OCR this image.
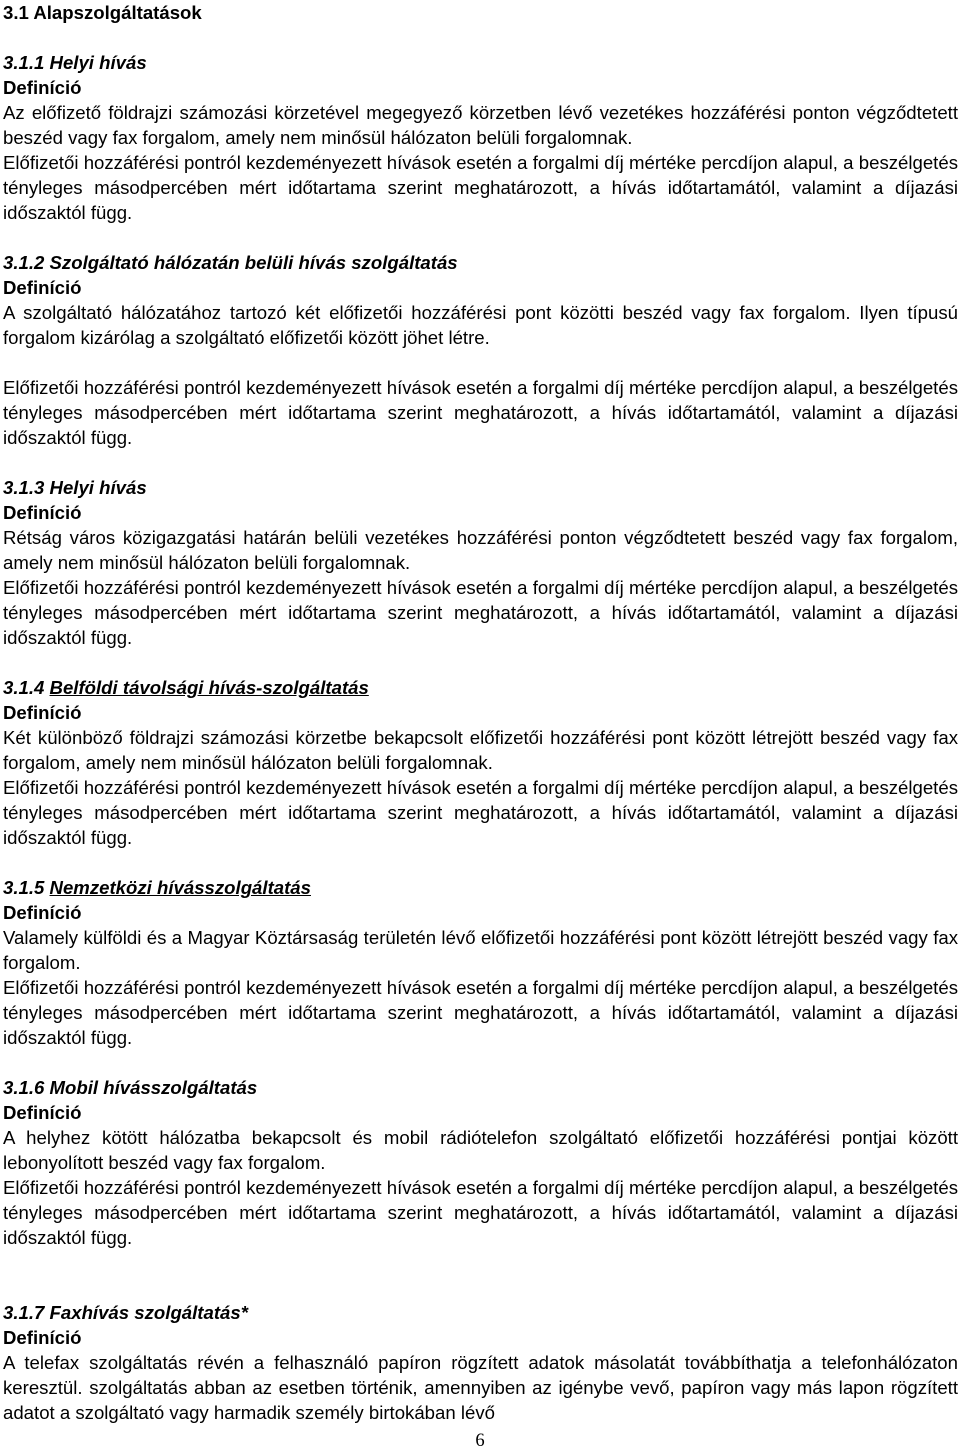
3.1 Alapszolgáltatások
3.1.1 Helyi hívás
Definíció

Az előfizető földrajzi számozási körzetével megegyező körzetben lévő vezetékes hozzáférési ponton végződtetett beszéd vagy fax forgalom, amely nem minősül hálózaton belüli forgalomnak.

Előfizetői hozzáférési pontról kezdeményezett hívások esetén a forgalmi díj mértéke percdíjon alapul, a beszélgetés tényleges másodpercében mért időtartama szerint meghatározott, a hívás időtartamától, valamint a díjazási időszaktól függ.

3.1.2 Szolgáltató hálózatán belüli hívás szolgáltatás
Definíció

A szolgáltató hálózatához tartozó két előfizetői hozzáférési pont közötti beszéd vagy fax forgalom. Ilyen típusú forgalom kizárólag a szolgáltató előfizetői között jöhet létre.

Előfizetői hozzáférési pontról kezdeményezett hívások esetén a forgalmi díj mértéke percdíjon alapul, a beszélgetés tényleges másodpercében mért időtartama szerint meghatározott, a hívás időtartamától, valamint a díjazási időszaktól függ.

3.1.3 Helyi hívás
Definíció

Rétság város közigazgatási határán belüli vezetékes hozzáférési ponton végződtetett beszéd vagy fax forgalom, amely nem minősül hálózaton belüli forgalomnak.

Előfizetői hozzáférési pontról kezdeményezett hívások esetén a forgalmi díj mértéke percdíjon alapul, a beszélgetés tényleges másodpercében mért időtartama szerint meghatározott, a hívás időtartamától, valamint a díjazási időszaktól függ.

3.1.4 Belföldi távolsági hívás-szolgáltatás
Definíció

Két különböző földrajzi számozási körzetbe bekapcsolt előfizetői hozzáférési pont között létrejött beszéd vagy fax forgalom, amely nem minősül hálózaton belüli forgalomnak.

Előfizetői hozzáférési pontról kezdeményezett hívások esetén a forgalmi díj mértéke percdíjon alapul, a beszélgetés tényleges másodpercében mért időtartama szerint meghatározott, a hívás időtartamától, valamint a díjazási időszaktól függ.

3.1.5 Nemzetközi hívásszolgáltatás
Definíció

Valamely külföldi és a Magyar Köztársaság területén lévő előfizetői hozzáférési pont között létrejött beszéd vagy fax forgalom.

Előfizetői hozzáférési pontról kezdeményezett hívások esetén a forgalmi díj mértéke percdíjon alapul, a beszélgetés tényleges másodpercében mért időtartama szerint meghatározott, a hívás időtartamától, valamint a díjazási időszaktól függ.

3.1.6 Mobil hívásszolgáltatás
Definíció

A helyhez kötött hálózatba bekapcsolt és mobil rádiótelefon szolgáltató előfizetői hozzáférési pontjai között lebonyolított beszéd vagy fax forgalom.

Előfizetői hozzáférési pontról kezdeményezett hívások esetén a forgalmi díj mértéke percdíjon alapul, a beszélgetés tényleges másodpercében mért időtartama szerint meghatározott, a hívás időtartamától, valamint a díjazási időszaktól függ.

3.1.7 Faxhívás szolgáltatás*
Definíció

A telefax szolgáltatás révén a felhasználó papíron rögzített adatok másolatát továbbíthatja a telefonhálózaton keresztül. szolgáltatás abban az esetben történik, amennyiben az igénybe vevő, papíron vagy más lapon rögzített adatot a szolgáltató vagy harmadik személy birtokában lévő

6
